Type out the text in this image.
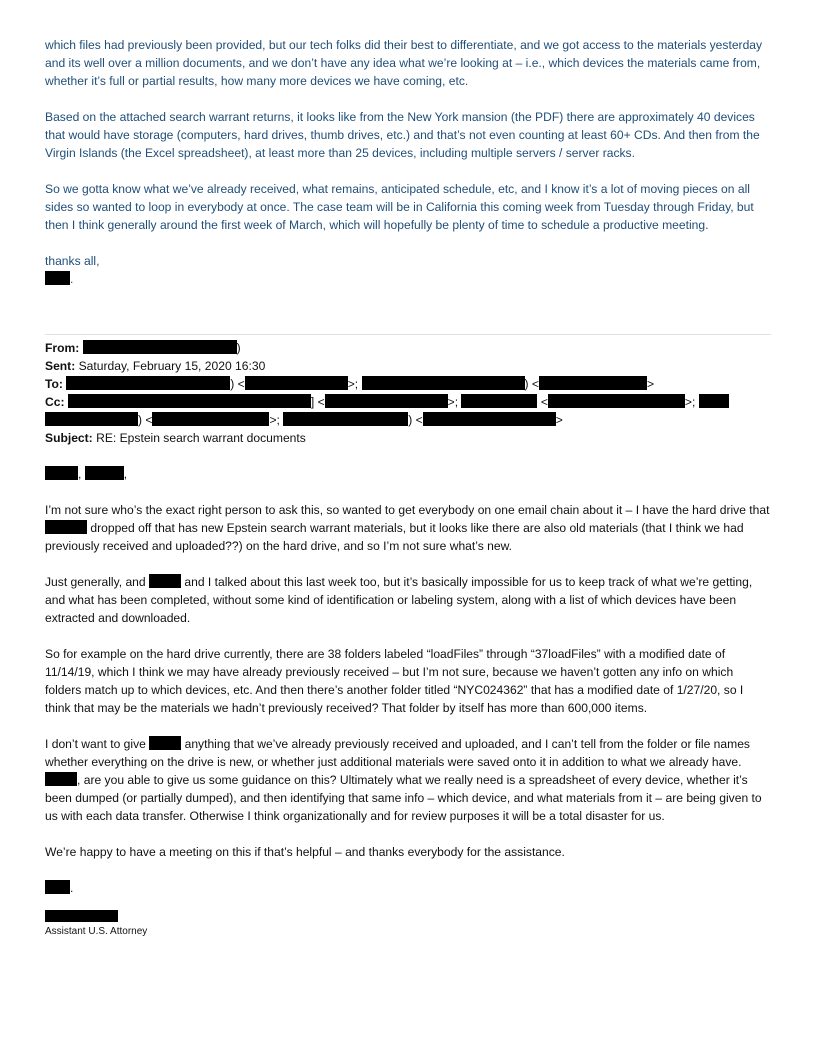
which files had previously been provided, but our tech folks did their best to differentiate, and we got access to the materials yesterday and its well over a million documents, and we don’t have any idea what we’re looking at – i.e., which devices the materials came from, whether it’s full or partial results, how many more devices we have coming, etc.

Based on the attached search warrant returns, it looks like from the New York mansion (the PDF) there are approximately 40 devices that would have storage (computers, hard drives, thumb drives, etc.) and that’s not even counting at least 60+ CDs. And then from the Virgin Islands (the Excel spreadsheet), at least more than 25 devices, including multiple servers / server racks.

So we gotta know what we’ve already received, what remains, anticipated schedule, etc, and I know it’s a lot of moving pieces on all sides so wanted to loop in everybody at once. The case team will be in California this coming week from Tuesday through Friday, but then I think generally around the first week of March, which will hopefully be plenty of time to schedule a productive meeting.

thanks all,

.

From:	)

Sent: Saturday, February 15, 2020 16:30

To:	) <	>;	) <	>

Cc:	] <	>;	<	>;

) <	>;	) <	>

Subject: RE: Epstein search warrant documents

,	,

I’m not sure who’s the exact right person to ask this, so wanted to get everybody on one email chain about it – I have the hard drive that  dropped off that has new Epstein search warrant materials, but it looks like there are also old materials (that I think we had previously received and uploaded??) on the hard drive, and so I’m not sure what’s new.

Just generally, and	and I talked about this last week too, but it’s basically impossible for us to keep track of what we’re getting, and what has been completed, without some kind of identification or labeling system, along with a list of which devices have been extracted and downloaded.

So for example on the hard drive currently, there are 38 folders labeled “loadFiles” through “37loadFiles” with a modified date of 11/14/19, which I think we may have already previously received – but I’m not sure, because we haven’t gotten any info on which folders match up to which devices, etc. And then there’s another folder titled “NYC024362” that has a modified date of 1/27/20, so I think that may be the materials we hadn’t previously received? That folder by itself has more than 600,000 items.

I don’t want to give	anything that we’ve already previously received and uploaded, and I can’t tell from the folder or file names whether everything on the drive is new, or whether just additional materials were saved onto it in addition to what we already have. , are you able to give us some guidance on this? Ultimately what we really need is a spreadsheet of every device, whether it’s been dumped (or partially dumped), and then identifying that same info – which device, and what materials from it – are being given to us with each data transfer. Otherwise I think organizationally and for review purposes it will be a total disaster for us.

We’re happy to have a meeting on this if that’s helpful – and thanks everybody for the assistance.

.

Assistant U.S. Attorney
